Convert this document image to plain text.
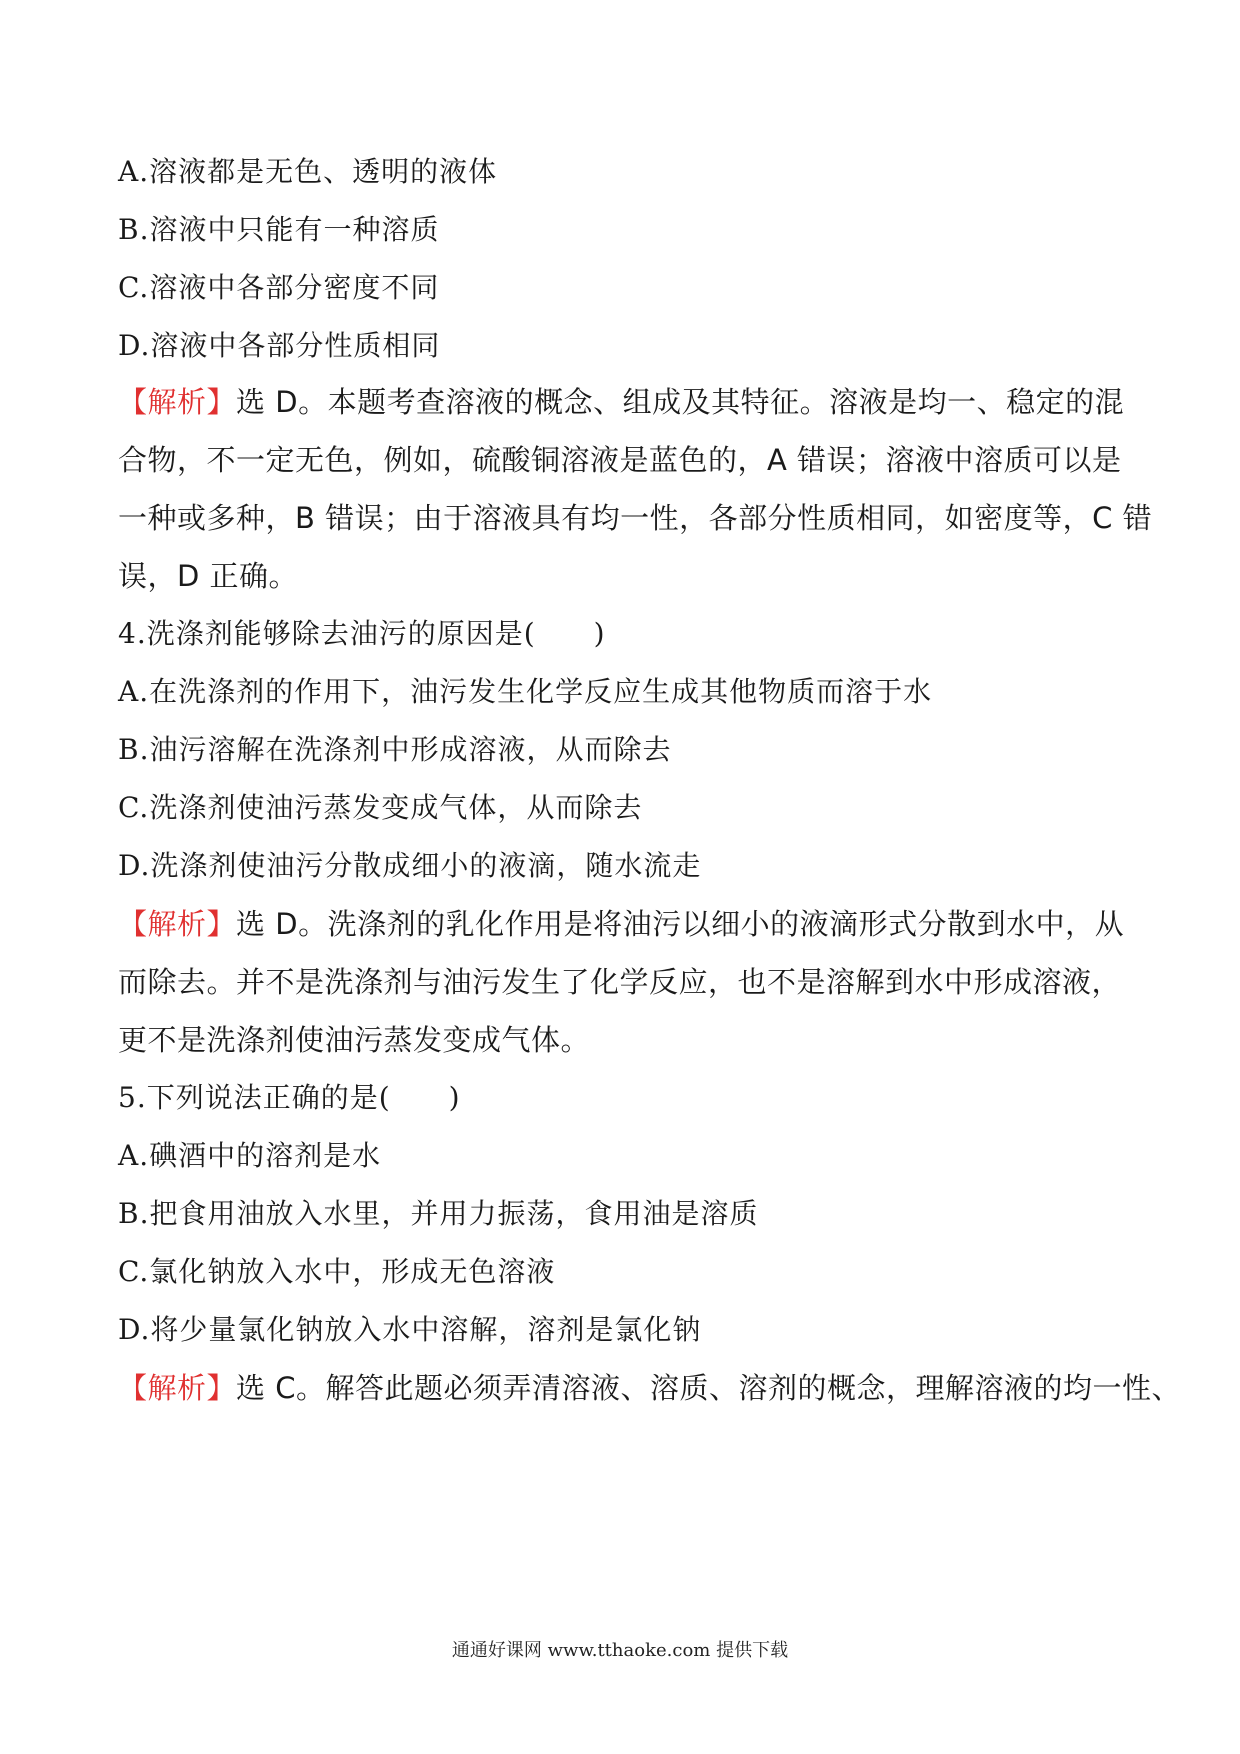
A.溶液都是无色、透明的液体
B.溶液中只能有一种溶质
C.溶液中各部分密度不同
D.溶液中各部分性质相同
【解析】选 D。本题考查溶液的概念、组成及其特征。溶液是均一、稳定的混
合物，不一定无色，例如，硫酸铜溶液是蓝色的，A 错误；溶液中溶质可以是
一种或多种，B 错误；由于溶液具有均一性，各部分性质相同，如密度等，C 错
误，D 正确。
4.洗涤剂能够除去油污的原因是(　　)
A.在洗涤剂的作用下，油污发生化学反应生成其他物质而溶于水
B.油污溶解在洗涤剂中形成溶液，从而除去
C.洗涤剂使油污蒸发变成气体，从而除去
D.洗涤剂使油污分散成细小的液滴，随水流走
【解析】选 D。洗涤剂的乳化作用是将油污以细小的液滴形式分散到水中，从
而除去。并不是洗涤剂与油污发生了化学反应，也不是溶解到水中形成溶液，
更不是洗涤剂使油污蒸发变成气体。
5.下列说法正确的是(　　)
A.碘酒中的溶剂是水
B.把食用油放入水里，并用力振荡，食用油是溶质
C.氯化钠放入水中，形成无色溶液
D.将少量氯化钠放入水中溶解，溶剂是氯化钠
【解析】选 C。解答此题必须弄清溶液、溶质、溶剂的概念，理解溶液的均一性、
通通好课网 www.tthaoke.com 提供下载
